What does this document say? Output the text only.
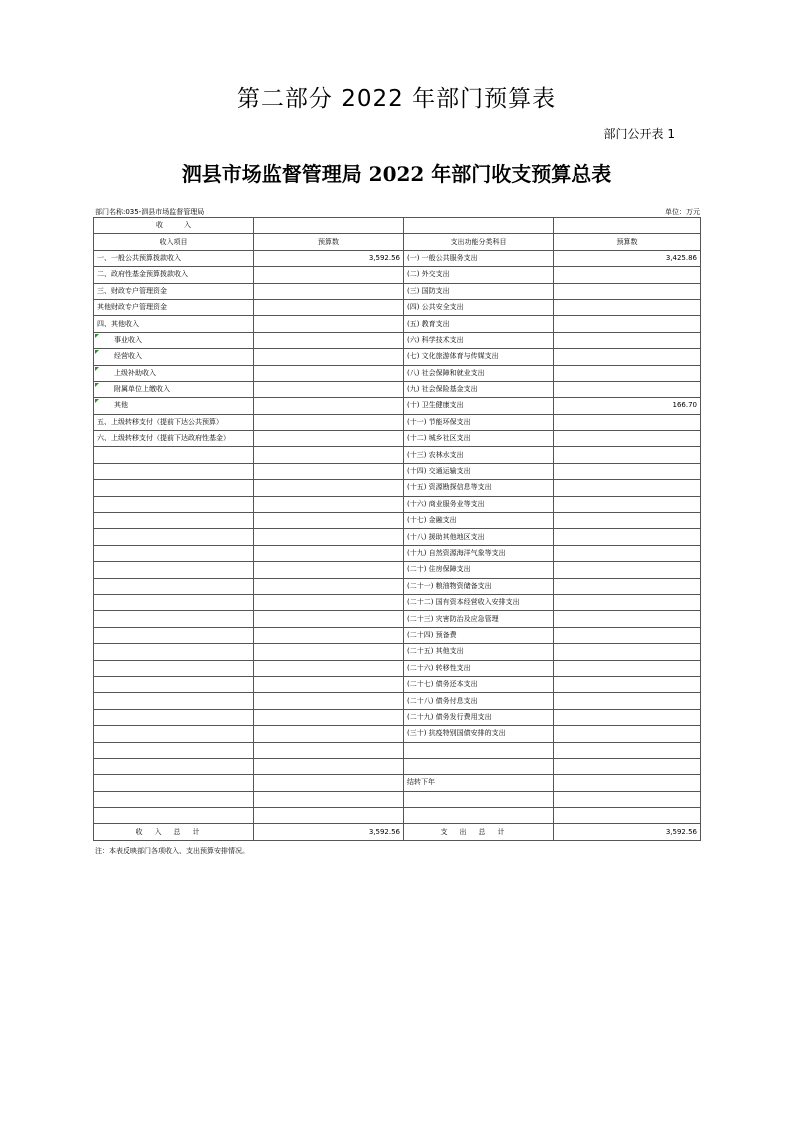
第二部分 2022 年部门预算表
部门公开表 1
泗县市场监督管理局 2022 年部门收支预算总表
部门名称:035-泗县市场监督管理局	单位：万元
收　　　入			
收入项目	预算数	支出功能分类科目	预算数
一、一般公共预算拨款收入	3,592.56	(一) 一般公共服务支出	3,425.86
二、政府性基金预算拨款收入		(二) 外交支出	
三、财政专户管理资金		(三) 国防支出	
其他财政专户管理资金		(四) 公共安全支出	
四、其他收入		(五) 教育支出	
事业收入		(六) 科学技术支出	
经营收入		(七) 文化旅游体育与传媒支出	
上级补助收入		(八) 社会保障和就业支出	
附属单位上缴收入		(九) 社会保险基金支出	
其他		(十) 卫生健康支出	166.70
五、上级转移支付（提前下达公共预算）		(十一) 节能环保支出	
六、上级转移支付（提前下达政府性基金）		(十二) 城乡社区支出	
		(十三) 农林水支出	
		(十四) 交通运输支出	
		(十五) 资源勘探信息等支出	
		(十六) 商业服务业等支出	
		(十七) 金融支出	
		(十八) 援助其他地区支出	
		(十九) 自然资源海洋气象等支出	
		(二十) 住房保障支出	
		(二十一) 粮油物资储备支出	
		(二十二) 国有资本经营收入安排支出	
		(二十三) 灾害防治及应急管理	
		(二十四) 预备费	
		(二十五) 其他支出	
		(二十六) 转移性支出	
		(二十七) 债务还本支出	
		(二十八) 债务付息支出	
		(二十九) 债务发行费用支出	
		(三十) 抗疫特别国债安排的支出	

		结转下年	

收入总计	3,592.56	支出总计	3,592.56
注：本表反映部门各项收入、支出预算安排情况。
